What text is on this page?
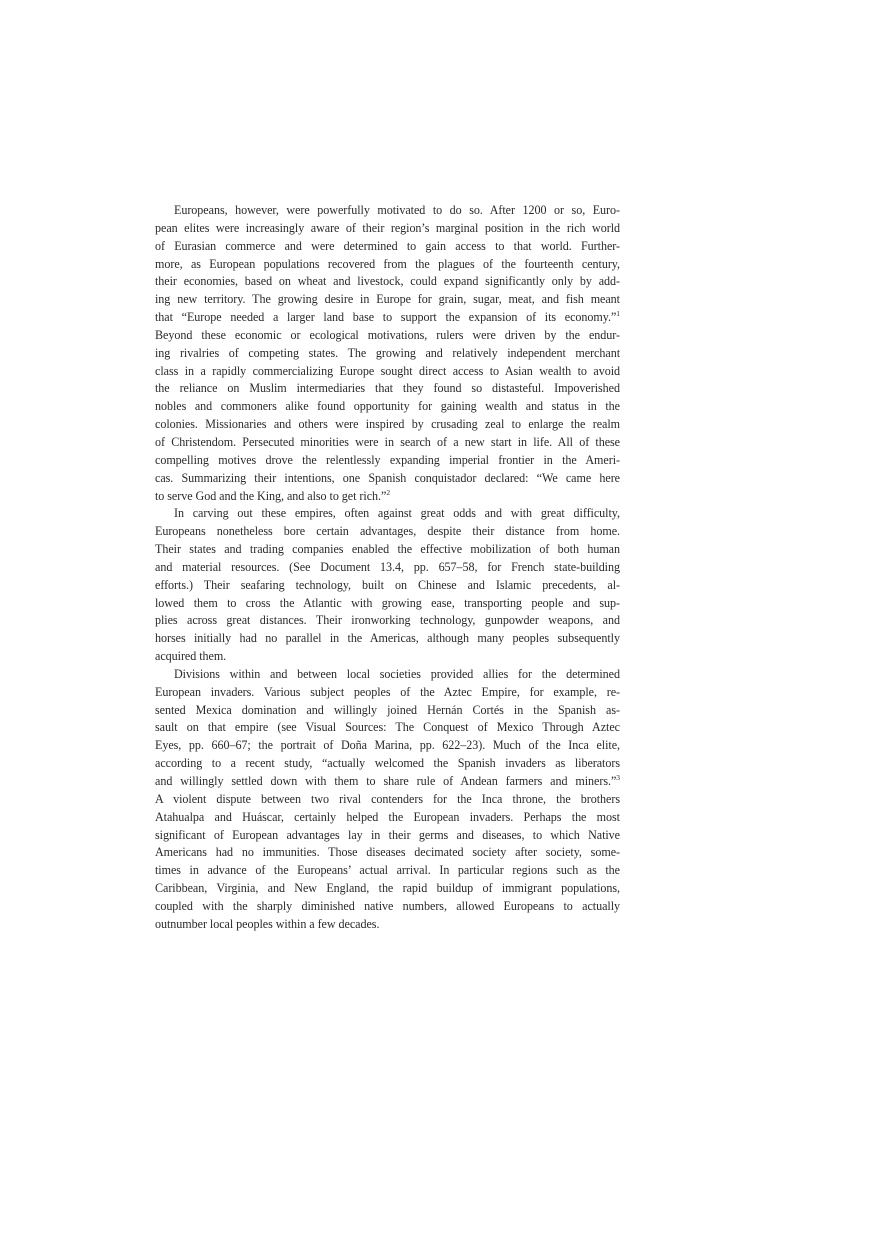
Europeans, however, were powerfully motivated to do so. After 1200 or so, Euro-
pean elites were increasingly aware of their region’s marginal position in the rich world
of Eurasian commerce and were determined to gain access to that world. Further-
more, as European populations recovered from the plagues of the fourteenth century,
their economies, based on wheat and livestock, could expand significantly only by add-
ing new territory. The growing desire in Europe for grain, sugar, meat, and fish meant
that “Europe needed a larger land base to support the expansion of its economy.”$^1$
Beyond these economic or ecological motivations, rulers were driven by the endur-
ing rivalries of competing states. The growing and relatively independent merchant
class in a rapidly commercializing Europe sought direct access to Asian wealth to avoid
the reliance on Muslim intermediaries that they found so distasteful. Impoverished
nobles and commoners alike found opportunity for gaining wealth and status in the
colonies. Missionaries and others were inspired by crusading zeal to enlarge the realm
of Christendom. Persecuted minorities were in search of a new start in life. All of these
compelling motives drove the relentlessly expanding imperial frontier in the Ameri-
cas. Summarizing their intentions, one Spanish conquistador declared: “We came here
to serve God and the King, and also to get rich.”$^2$
In carving out these empires, often against great odds and with great difficulty,
Europeans nonetheless bore certain advantages, despite their distance from home.
Their states and trading companies enabled the effective mobilization of both human
and material resources. (See Document 13.4, pp. 657–58, for French state-building
efforts.) Their seafaring technology, built on Chinese and Islamic precedents, al-
lowed them to cross the Atlantic with growing ease, transporting people and sup-
plies across great distances. Their ironworking technology, gunpowder weapons, and
horses initially had no parallel in the Americas, although many peoples subsequently
acquired them.
Divisions within and between local societies provided allies for the determined
European invaders. Various subject peoples of the Aztec Empire, for example, re-
sented Mexica domination and willingly joined Hernán Cortés in the Spanish as-
sault on that empire (see Visual Sources: The Conquest of Mexico Through Aztec
Eyes, pp. 660–67; the portrait of Doña Marina, pp. 622–23). Much of the Inca elite,
according to a recent study, “actually welcomed the Spanish invaders as liberators
and willingly settled down with them to share rule of Andean farmers and miners.”$^3$
A violent dispute between two rival contenders for the Inca throne, the brothers
Atahualpa and Huáscar, certainly helped the European invaders. Perhaps the most
significant of European advantages lay in their germs and diseases, to which Native
Americans had no immunities. Those diseases decimated society after society, some-
times in advance of the Europeans’ actual arrival. In particular regions such as the
Caribbean, Virginia, and New England, the rapid buildup of immigrant populations,
coupled with the sharply diminished native numbers, allowed Europeans to actually
outnumber local peoples within a few decades.
